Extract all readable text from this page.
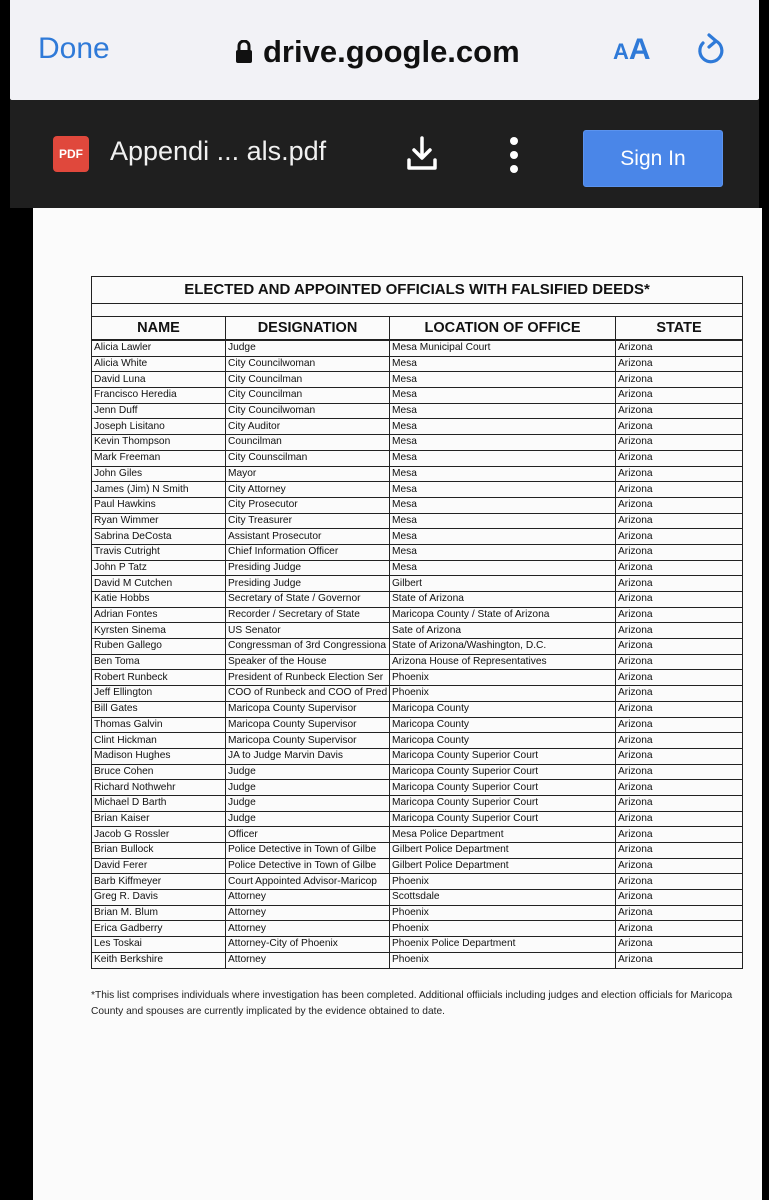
Done	drive.google.com	AA
PDF Appendi ... als.pdf	Sign In
ELECTED AND APPOINTED OFFICIALS WITH FALSIFIED DEEDS*			

NAME	DESIGNATION	LOCATION OF OFFICE	STATE
Alicia Lawler	Judge	Mesa Municipal Court	Arizona
Alicia White	City Councilwoman	Mesa	Arizona
David Luna	City Councilman	Mesa	Arizona
Francisco Heredia	City Councilman	Mesa	Arizona
Jenn Duff	City Councilwoman	Mesa	Arizona
Joseph Lisitano	City Auditor	Mesa	Arizona
Kevin Thompson	Councilman	Mesa	Arizona
Mark Freeman	City Counscilman	Mesa	Arizona
John Giles	Mayor	Mesa	Arizona
James (Jim) N Smith	City Attorney	Mesa	Arizona
Paul Hawkins	City Prosecutor	Mesa	Arizona
Ryan Wimmer	City Treasurer	Mesa	Arizona
Sabrina DeCosta	Assistant Prosecutor	Mesa	Arizona
Travis Cutright	Chief Information Officer	Mesa	Arizona
John P Tatz	Presiding Judge	Mesa	Arizona
David M Cutchen	Presiding Judge	Gilbert	Arizona
Katie Hobbs	Secretary of State / Governor	State of Arizona	Arizona
Adrian Fontes	Recorder / Secretary of State	Maricopa County / State of Arizona	Arizona
Kyrsten Sinema	US Senator	Sate of Arizona	Arizona
Ruben Gallego	Congressman of 3rd Congressiona	State of Arizona/Washington, D.C.	Arizona
Ben Toma	Speaker of the House	Arizona House of Representatives	Arizona
Robert Runbeck	President of Runbeck Election Ser	Phoenix	Arizona
Jeff Ellington	COO of Runbeck and COO of Pred	Phoenix	Arizona
Bill Gates	Maricopa County Supervisor	Maricopa County	Arizona
Thomas Galvin	Maricopa County Supervisor	Maricopa County	Arizona
Clint Hickman	Maricopa County Supervisor	Maricopa County	Arizona
Madison Hughes	JA to Judge Marvin Davis	Maricopa County Superior Court	Arizona
Bruce Cohen	Judge	Maricopa County Superior Court	Arizona
Richard Nothwehr	Judge	Maricopa County Superior Court	Arizona
Michael D Barth	Judge	Maricopa County Superior Court	Arizona
Brian Kaiser	Judge	Maricopa County Superior Court	Arizona
Jacob G Rossler	Officer	Mesa Police Department	Arizona
Brian Bullock	Police Detective in Town of Gilbe	Gilbert Police Department	Arizona
David Ferer	Police Detective in Town of Gilbe	Gilbert Police Department	Arizona
Barb Kiffmeyer	Court Appointed Advisor-Maricop	Phoenix	Arizona
Greg R. Davis	Attorney	Scottsdale	Arizona
Brian M. Blum	Attorney	Phoenix	Arizona
Erica Gadberry	Attorney	Phoenix	Arizona
Les Toskai	Attorney-City of Phoenix	Phoenix Police Department	Arizona
Keith Berkshire	Attorney	Phoenix	Arizona
*This list comprises individuals where investigation has been completed. Additional offiicials including judges and election officials for Maricopa County and spouses are currently implicated by the evidence obtained to date.
